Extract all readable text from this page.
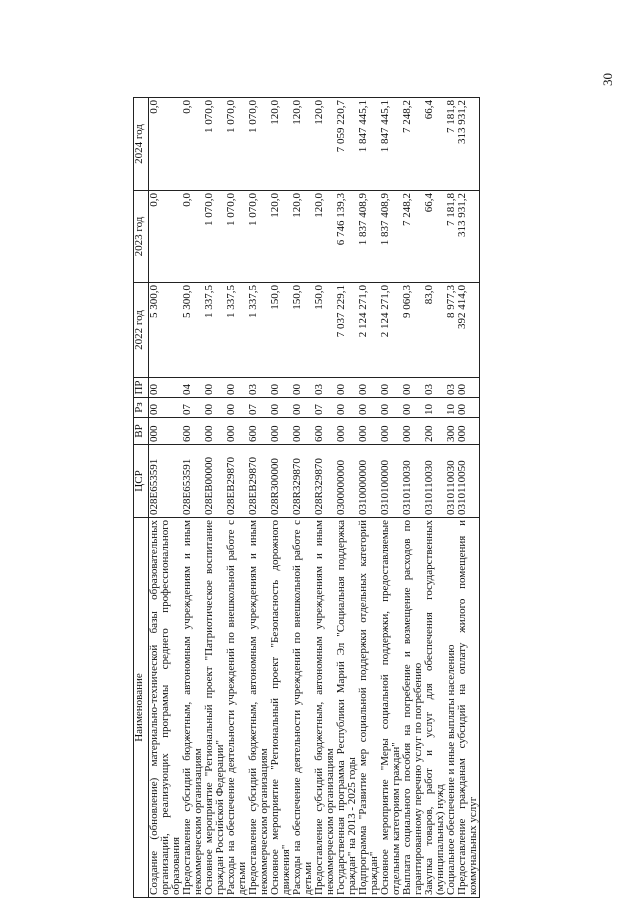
30
Наименование	ЦСР	ВР	Рз	ПР	2022 год	2023 год	2024 год
Создание (обновление) материально-технической базы образовательных организаций, реализующих программы среднего профессионального образования	028E653591	000	00	00	5 300,0	0,0	0,0
Предоставление субсидий бюджетным, автономным учреждениям и иным некоммерческим организациям	028E653591	600	07	04	5 300,0	0,0	0,0
Основное мероприятие "Региональный проект "Патриотическое воспитание граждан Российской Федерации"	028EB00000	000	00	00	1 337,5	1 070,0	1 070,0
Расходы на обеспечение деятельности учреждений по внешкольной работе с детьми	028EB29870	000	00	00	1 337,5	1 070,0	1 070,0
Предоставление субсидий бюджетным, автономным учреждениям и иным некоммерческим организациям	028EB29870	600	07	03	1 337,5	1 070,0	1 070,0
Основное мероприятие "Региональный проект "Безопасность дорожного движения"	028R300000	000	00	00	150,0	120,0	120,0
Расходы на обеспечение деятельности учреждений по внешкольной работе с детьми	028R329870	000	00	00	150,0	120,0	120,0
Предоставление субсидий бюджетным, автономным учреждениям и иным некоммерческим организациям	028R329870	600	07	03	150,0	120,0	120,0
Государственная программа Республики Марий Эл "Социальная поддержка граждан" на 2013 - 2025 годы	0300000000	000	00	00	7 037 229,1	6 746 139,3	7 059 220,7
Подпрограмма "Развитие мер социальной поддержки отдельных категорий граждан"	0310000000	000	00	00	2 124 271,0	1 837 408,9	1 847 445,1
Основное мероприятие "Меры социальной поддержки, предоставляемые отдельным категориям граждан"	0310100000	000	00	00	2 124 271,0	1 837 408,9	1 847 445,1
Выплата социального пособия на погребение и возмещение расходов по гарантированному перечню услуг по погребению	0310110030	000	00	00	9 060,3	7 248,2	7 248,2
Закупка товаров, работ и услуг для обеспечения государственных (муниципальных) нужд	0310110030	200	10	03	83,0	66,4	66,4
Социальное обеспечение и иные выплаты населению	0310110030	300	10	03	8 977,3	7 181,8	7 181,8
Предоставление гражданам субсидий на оплату жилого помещения и коммунальных услуг	0310110050	000	00	00	392 414,0	313 931,2	313 931,2
